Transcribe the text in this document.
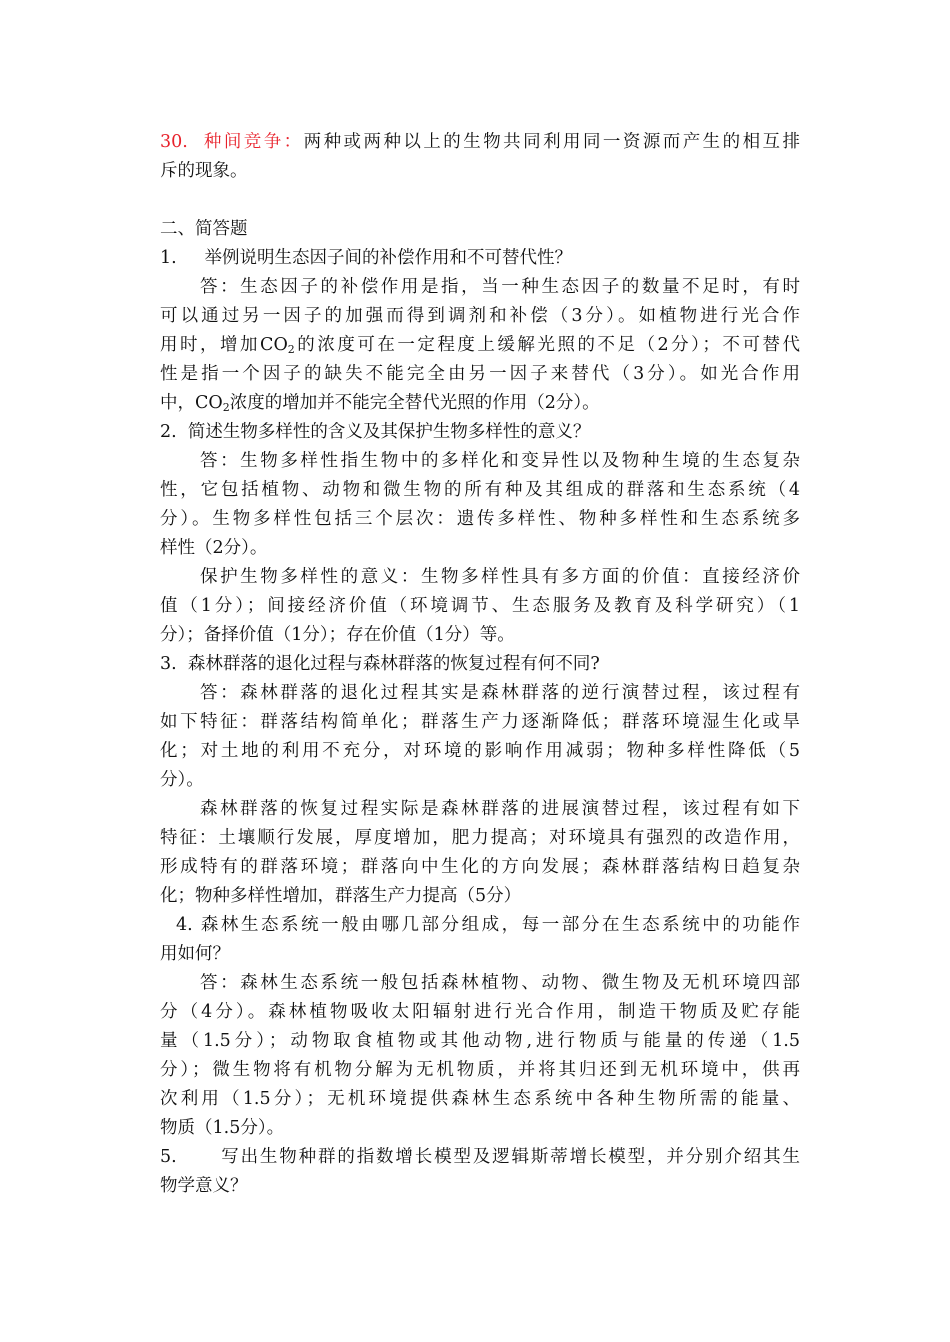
30. 种间竞争：两种或两种以上的生物共同利用同一资源而产生的相互排
斥的现象。
二、简答题
1. 举例说明生态因子间的补偿作用和不可替代性？
答：生态因子的补偿作用是指，当一种生态因子的数量不足时，有时
可以通过另一因子的加强而得到调剂和补偿（3分）。如植物进行光合作
用时，增加$CO_2$的浓度可在一定程度上缓解光照的不足（2分）；不可替代
性是指一个因子的缺失不能完全由另一因子来替代（3分）。如光合作用
中，$CO_2$浓度的增加并不能完全替代光照的作用（2分）。
2. 简述生物多样性的含义及其保护生物多样性的意义？
答：生物多样性指生物中的多样化和变异性以及物种生境的生态复杂
性，它包括植物、动物和微生物的所有种及其组成的群落和生态系统（4
分）。生物多样性包括三个层次：遗传多样性、物种多样性和生态系统多
样性（2分）。
保护生物多样性的意义：生物多样性具有多方面的价值：直接经济价
值（1分）；间接经济价值（环境调节、生态服务及教育及科学研究）（1
分）；备择价值（1分）；存在价值（1分）等。
3. 森林群落的退化过程与森林群落的恢复过程有何不同?
答：森林群落的退化过程其实是森林群落的逆行演替过程，该过程有
如下特征：群落结构简单化；群落生产力逐渐降低；群落环境湿生化或旱
化；对土地的利用不充分，对环境的影响作用减弱；物种多样性降低（5
分）。
森林群落的恢复过程实际是森林群落的进展演替过程，该过程有如下
特征：土壤顺行发展，厚度增加，肥力提高；对环境具有强烈的改造作用，
形成特有的群落环境；群落向中生化的方向发展；森林群落结构日趋复杂
化；物种多样性增加，群落生产力提高（5分）
4. 森林生态系统一般由哪几部分组成，每一部分在生态系统中的功能作
用如何？
答：森林生态系统一般包括森林植物、动物、微生物及无机环境四部
分（4分）。森林植物吸收太阳辐射进行光合作用，制造干物质及贮存能
量（1.5分）；动物取食植物或其他动物,进行物质与能量的传递（1.5
分）；微生物将有机物分解为无机物质，并将其归还到无机环境中，供再
次利用（1.5分）；无机环境提供森林生态系统中各种生物所需的能量、
物质（1.5分）。
5.	写出生物种群的指数增长模型及逻辑斯蒂增长模型，并分别介绍其生
物学意义？
